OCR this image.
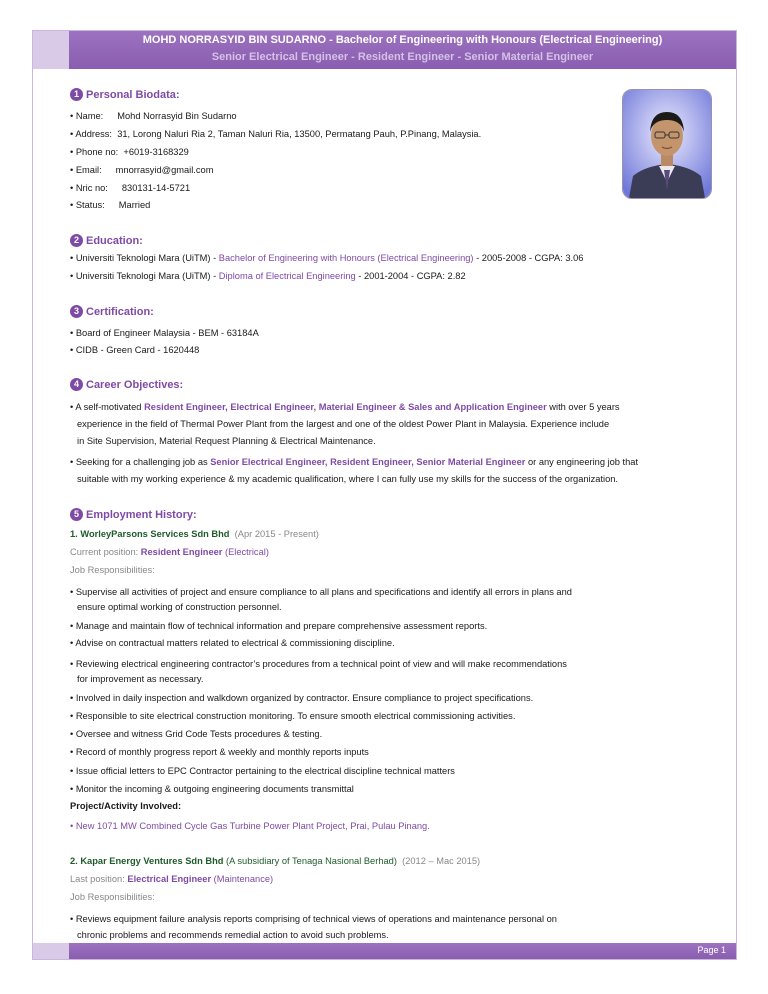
MOHD NORRASYID BIN SUDARNO - Bachelor of Engineering with Honours (Electrical Engineering)
Senior Electrical Engineer - Resident Engineer - Senior Material Engineer
Page 1
1 Personal Biodata:
• Name: Mohd Norrasyid Bin Sudarno
• Address: 31, Lorong Naluri Ria 2, Taman Naluri Ria, 13500, Permatang Pauh, P.Pinang, Malaysia.
• Phone no: +6019-3168329
• Email: mnorrasyid@gmail.com
• Nric no: 830131-14-5721
• Status: Married
2 Education:
• Universiti Teknologi Mara (UiTM) - Bachelor of Engineering with Honours (Electrical Engineering) - 2005-2008 - CGPA: 3.06
• Universiti Teknologi Mara (UiTM) - Diploma of Electrical Engineering - 2001-2004 - CGPA: 2.82
3 Certification:
• Board of Engineer Malaysia - BEM - 63184A
• CIDB - Green Card - 1620448
4 Career Objectives:
• A self-motivated Resident Engineer, Electrical Engineer, Material Engineer & Sales and Application Engineer with over 5 years
experience in the field of Thermal Power Plant from the largest and one of the oldest Power Plant in Malaysia. Experience include
in Site Supervision, Material Request Planning & Electrical Maintenance.
• Seeking for a challenging job as Senior Electrical Engineer, Resident Engineer, Senior Material Engineer or any engineering job that
suitable with my working experience & my academic qualification, where I can fully use my skills for the success of the organization.
5 Employment History:
1. WorleyParsons Services Sdn Bhd (Apr 2015 - Present)
Current position: Resident Engineer (Electrical)
Job Responsibilities:
• Supervise all activities of project and ensure compliance to all plans and specifications and identify all errors in plans and
ensure optimal working of construction personnel.
• Manage and maintain flow of technical information and prepare comprehensive assessment reports.
• Advise on contractual matters related to electrical & commissioning discipline.
• Reviewing electrical engineering contractor’s procedures from a technical point of view and will make recommendations
for improvement as necessary.
• Involved in daily inspection and walkdown organized by contractor. Ensure compliance to project specifications.
• Responsible to site electrical construction monitoring. To ensure smooth electrical commissioning activities.
• Oversee and witness Grid Code Tests procedures & testing.
• Record of monthly progress report & weekly and monthly reports inputs
• Issue official letters to EPC Contractor pertaining to the electrical discipline technical matters
• Monitor the incoming & outgoing engineering documents transmittal
Project/Activity Involved:
• New 1071 MW Combined Cycle Gas Turbine Power Plant Project, Prai, Pulau Pinang.
2. Kapar Energy Ventures Sdn Bhd (A subsidiary of Tenaga Nasional Berhad) (2012 – Mac 2015)
Last position: Electrical Engineer (Maintenance)
Job Responsibilities:
• Reviews equipment failure analysis reports comprising of technical views of operations and maintenance personal on
chronic problems and recommends remedial action to avoid such problems.
